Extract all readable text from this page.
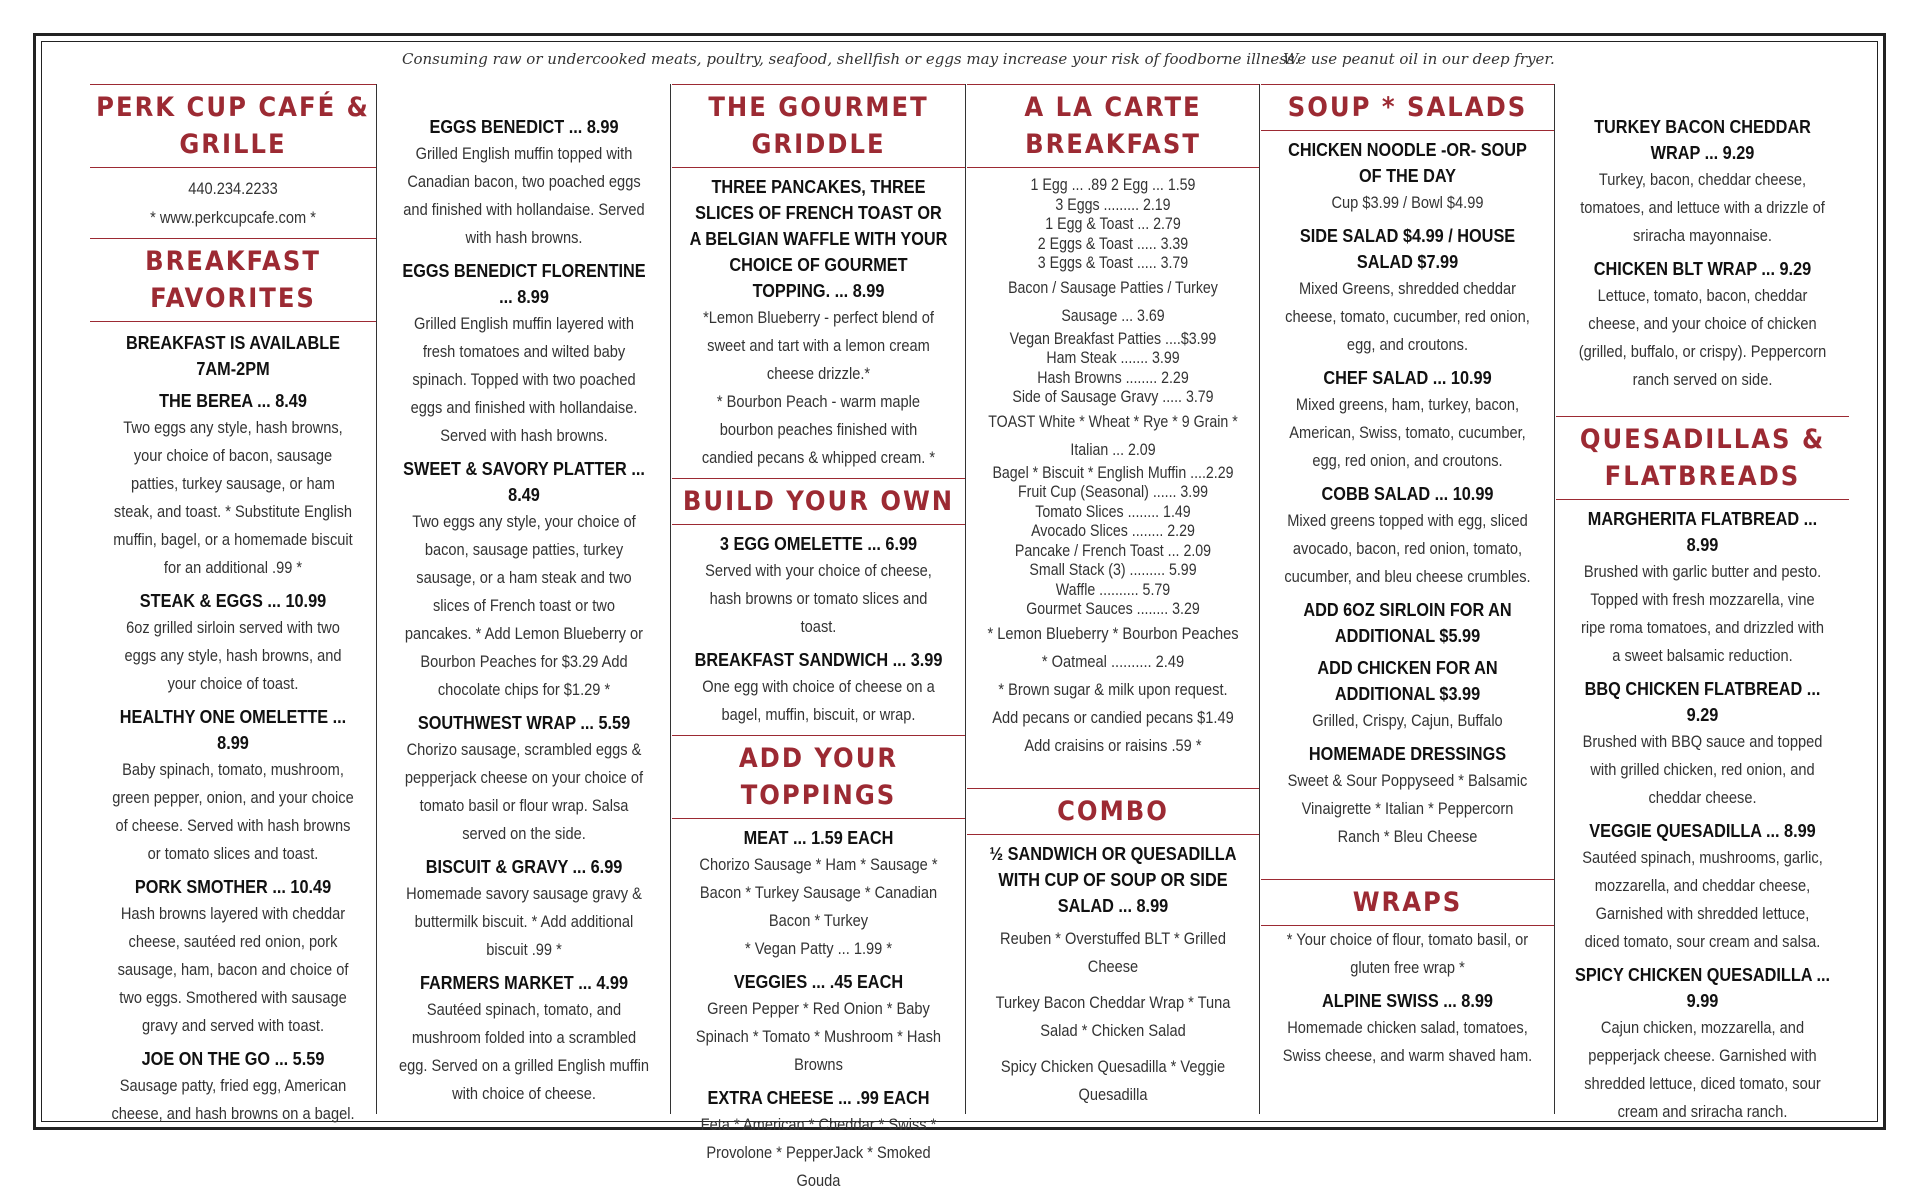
Consuming raw or undercooked meats, poultry, seafood, shellfish or eggs may increase your risk of foodborne illness.
We use peanut oil in our deep fryer.
PERK CUP CAFÉ & GRILLE
440.234.2233
* www.perkcupcafe.com *
BREAKFAST FAVORITES
BREAKFAST IS AVAILABLE 7AM-2PM
THE BEREA ... 8.49
Two eggs any style, hash browns, your choice of bacon, sausage patties, turkey sausage, or ham steak, and toast. * Substitute English muffin, bagel, or a homemade biscuit for an additional .99 *
STEAK & EGGS ... 10.99
6oz grilled sirloin served with two eggs any style, hash browns, and your choice of toast.
HEALTHY ONE OMELETTE ... 8.99
Baby spinach, tomato, mushroom, green pepper, onion, and your choice of cheese. Served with hash browns or tomato slices and toast.
PORK SMOTHER ... 10.49
Hash browns layered with cheddar cheese, sautéed red onion, pork sausage, ham, bacon and choice of two eggs. Smothered with sausage gravy and served with toast.
JOE ON THE GO ... 5.59
Sausage patty, fried egg, American cheese, and hash browns on a bagel.
EGGS BENEDICT ... 8.99
Grilled English muffin topped with Canadian bacon, two poached eggs and finished with hollandaise. Served with hash browns.
EGGS BENEDICT FLORENTINE ... 8.99
Grilled English muffin layered with fresh tomatoes and wilted baby spinach. Topped with two poached eggs and finished with hollandaise. Served with hash browns.
SWEET & SAVORY PLATTER ... 8.49
Two eggs any style, your choice of bacon, sausage patties, turkey sausage, or a ham steak and two slices of French toast or two pancakes. * Add Lemon Blueberry or Bourbon Peaches for $3.29 Add chocolate chips for $1.29 *
SOUTHWEST WRAP ... 5.59
Chorizo sausage, scrambled eggs & pepperjack cheese on your choice of tomato basil or flour wrap. Salsa served on the side.
BISCUIT & GRAVY ... 6.99
Homemade savory sausage gravy & buttermilk biscuit. * Add additional biscuit .99 *
FARMERS MARKET ... 4.99
Sautéed spinach, tomato, and mushroom folded into a scrambled egg. Served on a grilled English muffin with choice of cheese.
THE GOURMET GRIDDLE
THREE PANCAKES, THREE SLICES OF FRENCH TOAST OR A BELGIAN WAFFLE WITH YOUR CHOICE OF GOURMET TOPPING. ... 8.99
*Lemon Blueberry - perfect blend of sweet and tart with a lemon cream cheese drizzle.*
* Bourbon Peach - warm maple bourbon peaches finished with candied pecans & whipped cream. *
BUILD YOUR OWN
3 EGG OMELETTE ... 6.99
Served with your choice of cheese, hash browns or tomato slices and toast.
BREAKFAST SANDWICH ... 3.99
One egg with choice of cheese on a bagel, muffin, biscuit, or wrap.
ADD YOUR TOPPINGS
MEAT ... 1.59 EACH
Chorizo Sausage * Ham * Sausage * Bacon * Turkey Sausage * Canadian Bacon * Turkey
* Vegan Patty ... 1.99 *
VEGGIES ... .45 EACH
Green Pepper * Red Onion * Baby Spinach * Tomato * Mushroom * Hash Browns
EXTRA CHEESE ... .99 EACH
Feta * American * Cheddar * Swiss * Provolone * PepperJack * Smoked Gouda
A LA CARTE BREAKFAST
1 Egg ... .89 2 Egg ... 1.59
3 Eggs ......... 2.19
1 Egg & Toast ... 2.79
2 Eggs & Toast ..... 3.39
3 Eggs & Toast ..... 3.79
Bacon / Sausage Patties / Turkey Sausage ... 3.69
Vegan Breakfast Patties ....$3.99
Ham Steak ....... 3.99
Hash Browns ........ 2.29
Side of Sausage Gravy ..... 3.79
TOAST White * Wheat * Rye * 9 Grain * Italian ... 2.09
Bagel * Biscuit * English Muffin ....2.29
Fruit Cup (Seasonal) ...... 3.99
Tomato Slices ........ 1.49
Avocado Slices ........ 2.29
Pancake / French Toast ... 2.09
Small Stack (3) ......... 5.99
Waffle .......... 5.79
Gourmet Sauces ........ 3.29
* Lemon Blueberry * Bourbon Peaches * Oatmeal .......... 2.49
* Brown sugar & milk upon request. Add pecans or candied pecans $1.49 Add craisins or raisins .59 *
COMBO
½ SANDWICH OR QUESADILLA WITH CUP OF SOUP OR SIDE SALAD ... 8.99
Reuben * Overstuffed BLT * Grilled Cheese
Turkey Bacon Cheddar Wrap * Tuna Salad * Chicken Salad
Spicy Chicken Quesadilla * Veggie Quesadilla
SOUP * SALADS
CHICKEN NOODLE -OR- SOUP OF THE DAY
Cup $3.99 / Bowl $4.99
SIDE SALAD $4.99 / HOUSE SALAD $7.99
Mixed Greens, shredded cheddar cheese, tomato, cucumber, red onion, egg, and croutons.
CHEF SALAD ... 10.99
Mixed greens, ham, turkey, bacon, American, Swiss, tomato, cucumber, egg, red onion, and croutons.
COBB SALAD ... 10.99
Mixed greens topped with egg, sliced avocado, bacon, red onion, tomato, cucumber, and bleu cheese crumbles.
ADD 6OZ SIRLOIN FOR AN ADDITIONAL $5.99
ADD CHICKEN FOR AN ADDITIONAL $3.99
Grilled, Crispy, Cajun, Buffalo
HOMEMADE DRESSINGS
Sweet & Sour Poppyseed * Balsamic Vinaigrette * Italian * Peppercorn Ranch * Bleu Cheese
WRAPS
* Your choice of flour, tomato basil, or gluten free wrap *
ALPINE SWISS ... 8.99
Homemade chicken salad, tomatoes, Swiss cheese, and warm shaved ham.
TURKEY BACON CHEDDAR WRAP ... 9.29
Turkey, bacon, cheddar cheese, tomatoes, and lettuce with a drizzle of sriracha mayonnaise.
CHICKEN BLT WRAP ... 9.29
Lettuce, tomato, bacon, cheddar cheese, and your choice of chicken (grilled, buffalo, or crispy). Peppercorn ranch served on side.
QUESADILLAS & FLATBREADS
MARGHERITA FLATBREAD ... 8.99
Brushed with garlic butter and pesto. Topped with fresh mozzarella, vine ripe roma tomatoes, and drizzled with a sweet balsamic reduction.
BBQ CHICKEN FLATBREAD ... 9.29
Brushed with BBQ sauce and topped with grilled chicken, red onion, and cheddar cheese.
VEGGIE QUESADILLA ... 8.99
Sautéed spinach, mushrooms, garlic, mozzarella, and cheddar cheese, Garnished with shredded lettuce, diced tomato, sour cream and salsa.
SPICY CHICKEN QUESADILLA ... 9.99
Cajun chicken, mozzarella, and pepperjack cheese. Garnished with shredded lettuce, diced tomato, sour cream and sriracha ranch.
